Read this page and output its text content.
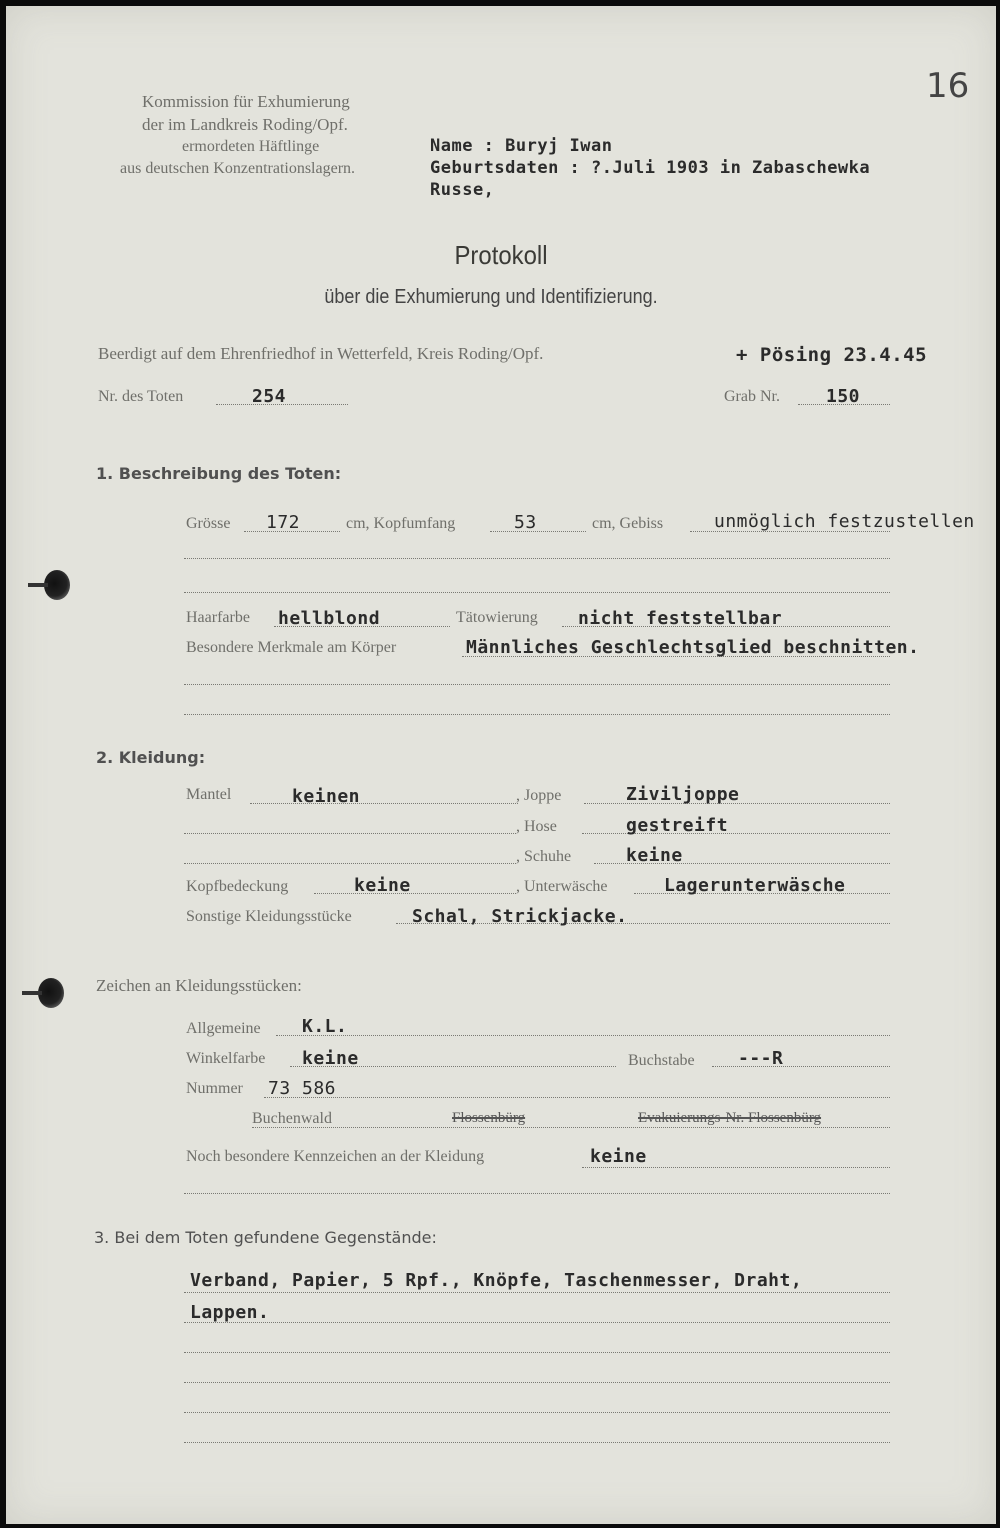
16
Kommission für Exhumierung
der im Landkreis Roding/Opf.
ermordeten Häftlinge
aus deutschen Konzentrationslagern.
Name : Buryj Iwan
Geburtsdaten : ?.Juli 1903 in Zabaschewka
Russe,
Protokoll
über die Exhumierung und Identifizierung.
Beerdigt auf dem Ehrenfriedhof in Wetterfeld, Kreis Roding/Opf.	+ Pösing 23.4.45
Nr. des Toten	254	Grab Nr.	150
1. Beschreibung des Toten:
Grösse 172	cm, Kopfumfang	53	cm, Gebiss	unmöglich festzustellen
Haarfarbe hellblond	Tätowierung nicht feststellbar
Besondere Merkmale am Körper	Männliches Geschlechtsglied beschnitten.
2. Kleidung:
Mantel	keinen	, Joppe	Ziviljoppe
, Hose	gestreift
, Schuhe	keine
Kopfbedeckung	keine	, Unterwäsche	Lagerunterwäsche
Sonstige Kleidungsstücke	Schal, Strickjacke.
Zeichen an Kleidungsstücken:
Allgemeine K.L.
Winkelfarbe keine	Buchstabe ---R
Nummer 73 586
Buchenwald	Flossenbürg	Evakuierungs-Nr. Flossenbürg
Noch besondere Kennzeichen an der Kleidung	keine
3. Bei dem Toten gefundene Gegenstände:
Verband, Papier, 5 Rpf., Knöpfe, Taschenmesser, Draht,
Lappen.
